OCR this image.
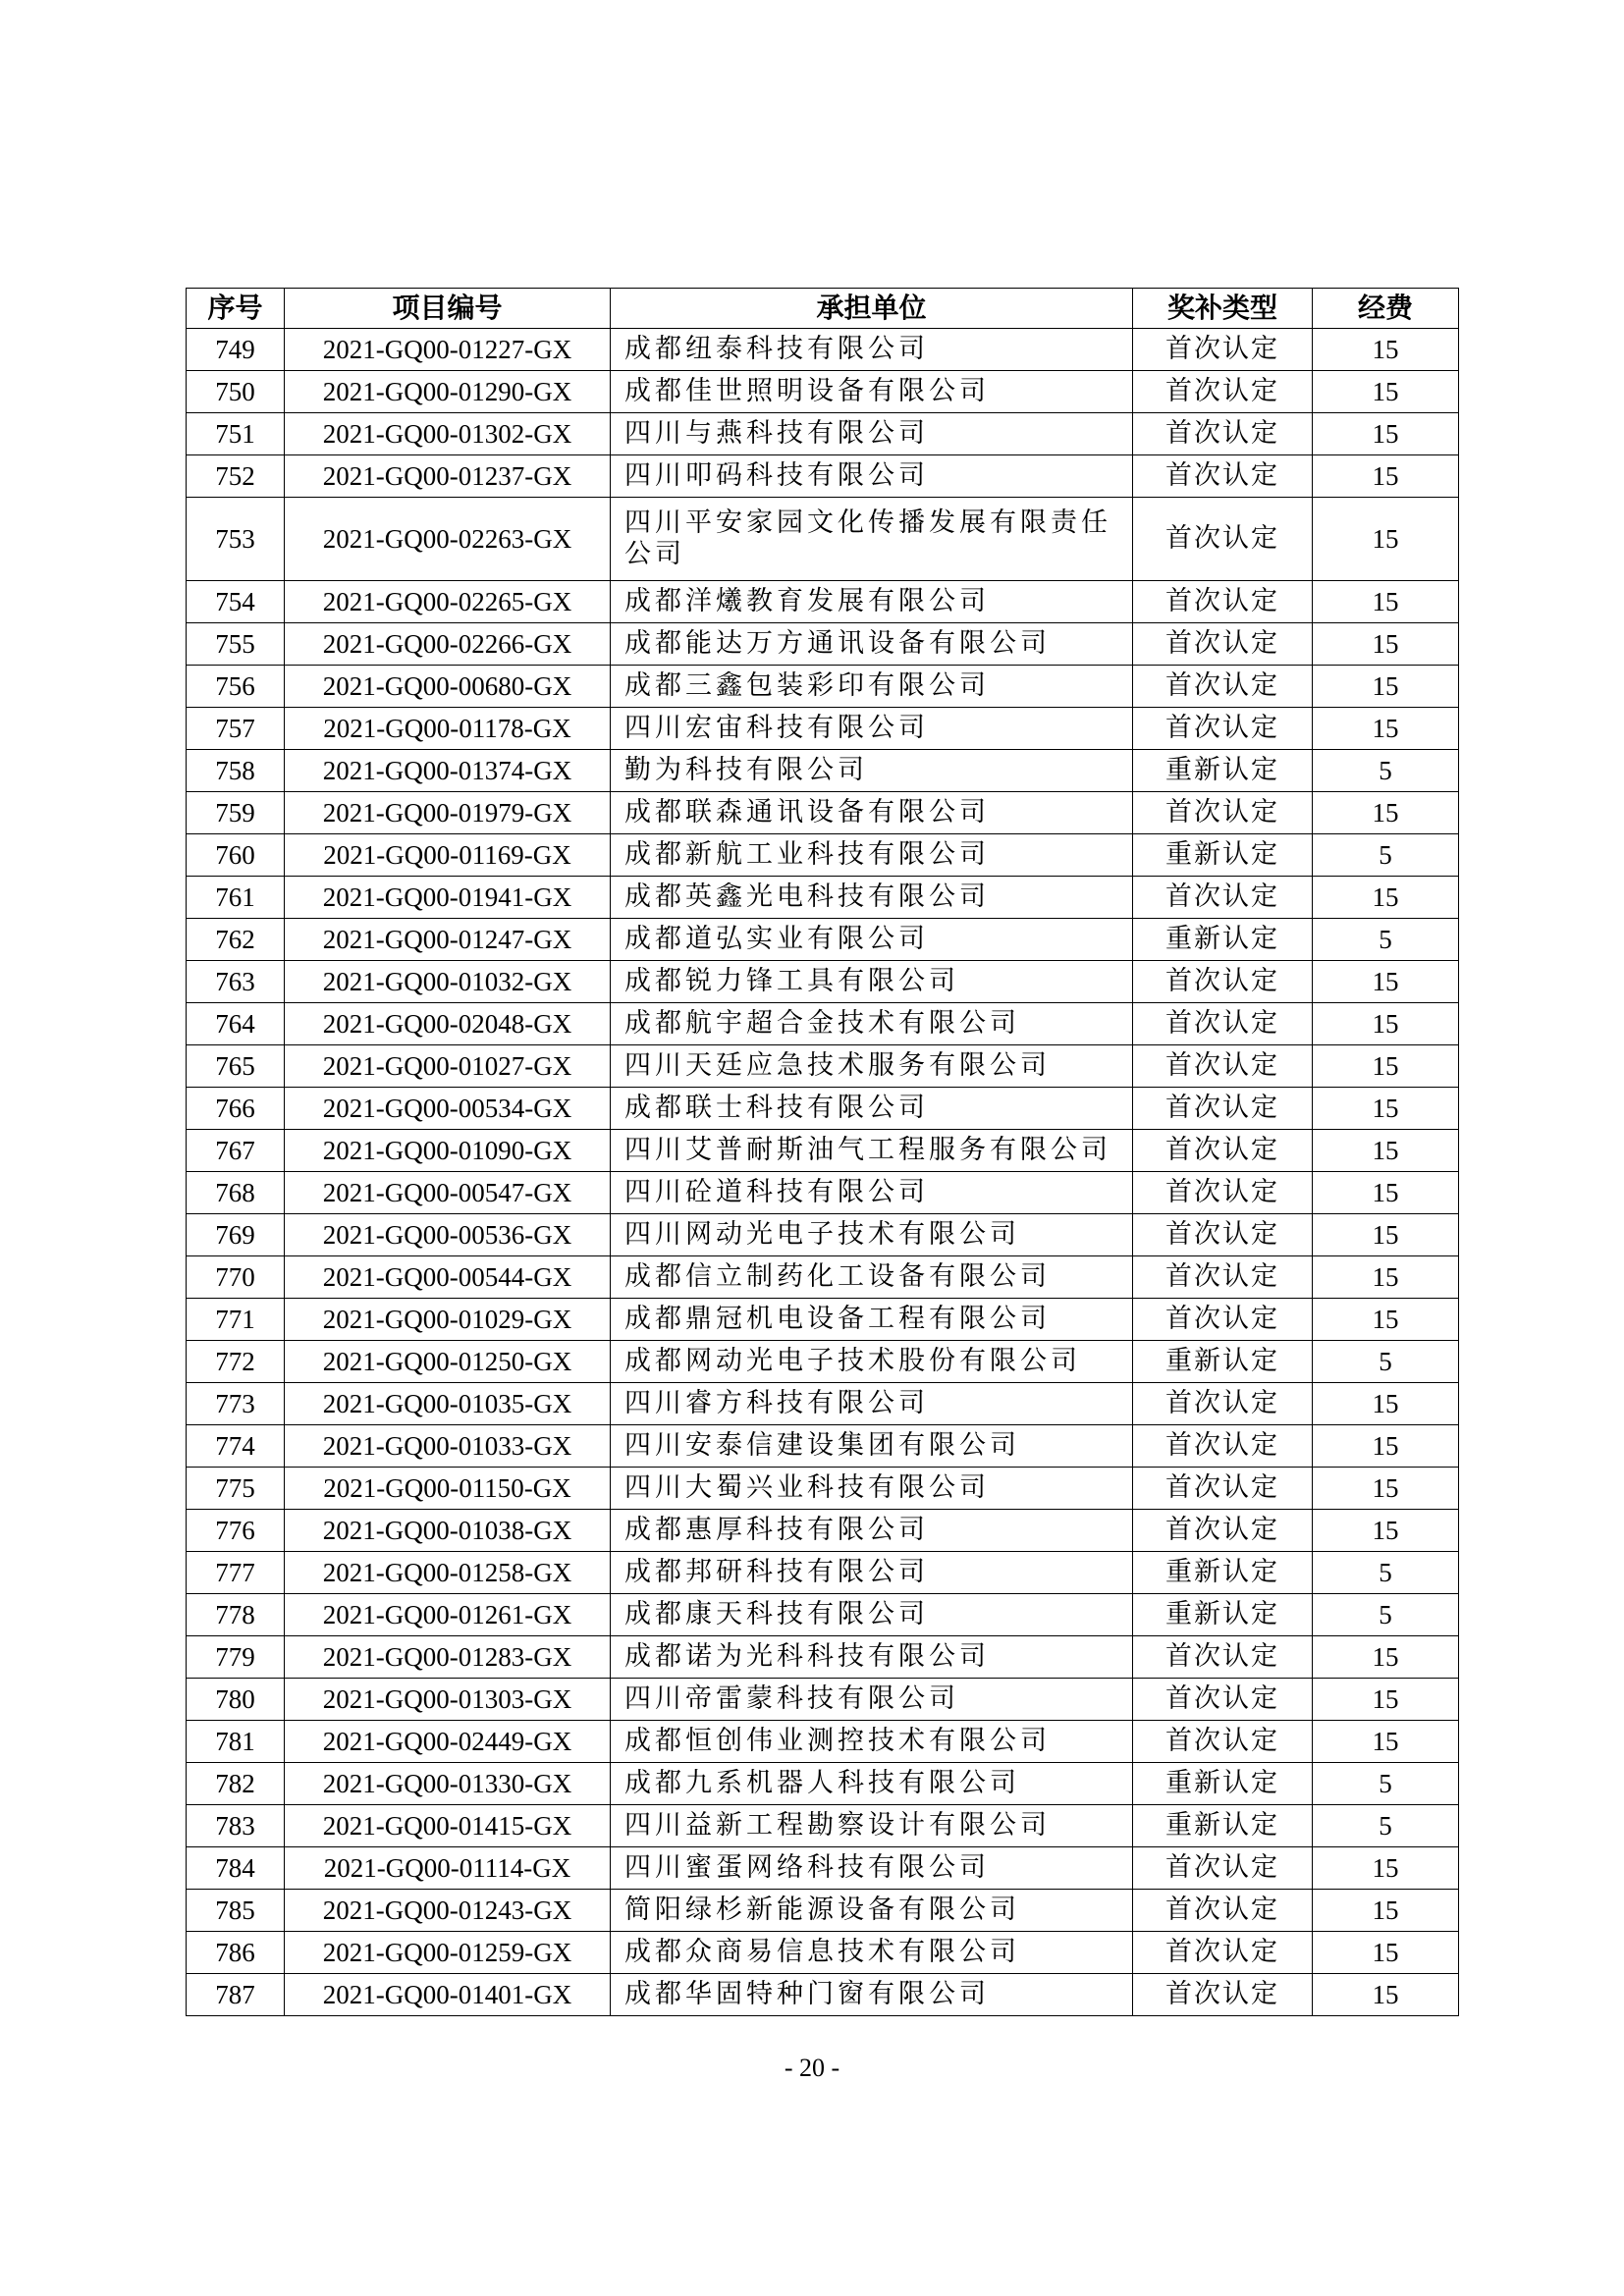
序号	项目编号	承担单位	奖补类型	经费
749	2021-GQ00-01227-GX	成都纽泰科技有限公司	首次认定	15
750	2021-GQ00-01290-GX	成都佳世照明设备有限公司	首次认定	15
751	2021-GQ00-01302-GX	四川与燕科技有限公司	首次认定	15
752	2021-GQ00-01237-GX	四川叩码科技有限公司	首次认定	15
753	2021-GQ00-02263-GX	四川平安家园文化传播发展有限责任公司	首次认定	15
754	2021-GQ00-02265-GX	成都洋爔教育发展有限公司	首次认定	15
755	2021-GQ00-02266-GX	成都能达万方通讯设备有限公司	首次认定	15
756	2021-GQ00-00680-GX	成都三鑫包装彩印有限公司	首次认定	15
757	2021-GQ00-01178-GX	四川宏宙科技有限公司	首次认定	15
758	2021-GQ00-01374-GX	勤为科技有限公司	重新认定	5
759	2021-GQ00-01979-GX	成都联森通讯设备有限公司	首次认定	15
760	2021-GQ00-01169-GX	成都新航工业科技有限公司	重新认定	5
761	2021-GQ00-01941-GX	成都英鑫光电科技有限公司	首次认定	15
762	2021-GQ00-01247-GX	成都道弘实业有限公司	重新认定	5
763	2021-GQ00-01032-GX	成都锐力锋工具有限公司	首次认定	15
764	2021-GQ00-02048-GX	成都航宇超合金技术有限公司	首次认定	15
765	2021-GQ00-01027-GX	四川天廷应急技术服务有限公司	首次认定	15
766	2021-GQ00-00534-GX	成都联士科技有限公司	首次认定	15
767	2021-GQ00-01090-GX	四川艾普耐斯油气工程服务有限公司	首次认定	15
768	2021-GQ00-00547-GX	四川砼道科技有限公司	首次认定	15
769	2021-GQ00-00536-GX	四川网动光电子技术有限公司	首次认定	15
770	2021-GQ00-00544-GX	成都信立制药化工设备有限公司	首次认定	15
771	2021-GQ00-01029-GX	成都鼎冠机电设备工程有限公司	首次认定	15
772	2021-GQ00-01250-GX	成都网动光电子技术股份有限公司	重新认定	5
773	2021-GQ00-01035-GX	四川睿方科技有限公司	首次认定	15
774	2021-GQ00-01033-GX	四川安泰信建设集团有限公司	首次认定	15
775	2021-GQ00-01150-GX	四川大蜀兴业科技有限公司	首次认定	15
776	2021-GQ00-01038-GX	成都惠厚科技有限公司	首次认定	15
777	2021-GQ00-01258-GX	成都邦研科技有限公司	重新认定	5
778	2021-GQ00-01261-GX	成都康天科技有限公司	重新认定	5
779	2021-GQ00-01283-GX	成都诺为光科科技有限公司	首次认定	15
780	2021-GQ00-01303-GX	四川帝雷蒙科技有限公司	首次认定	15
781	2021-GQ00-02449-GX	成都恒创伟业测控技术有限公司	首次认定	15
782	2021-GQ00-01330-GX	成都九系机器人科技有限公司	重新认定	5
783	2021-GQ00-01415-GX	四川益新工程勘察设计有限公司	重新认定	5
784	2021-GQ00-01114-GX	四川蜜蛋网络科技有限公司	首次认定	15
785	2021-GQ00-01243-GX	简阳绿杉新能源设备有限公司	首次认定	15
786	2021-GQ00-01259-GX	成都众商易信息技术有限公司	首次认定	15
787	2021-GQ00-01401-GX	成都华固特种门窗有限公司	首次认定	15
- 20 -
